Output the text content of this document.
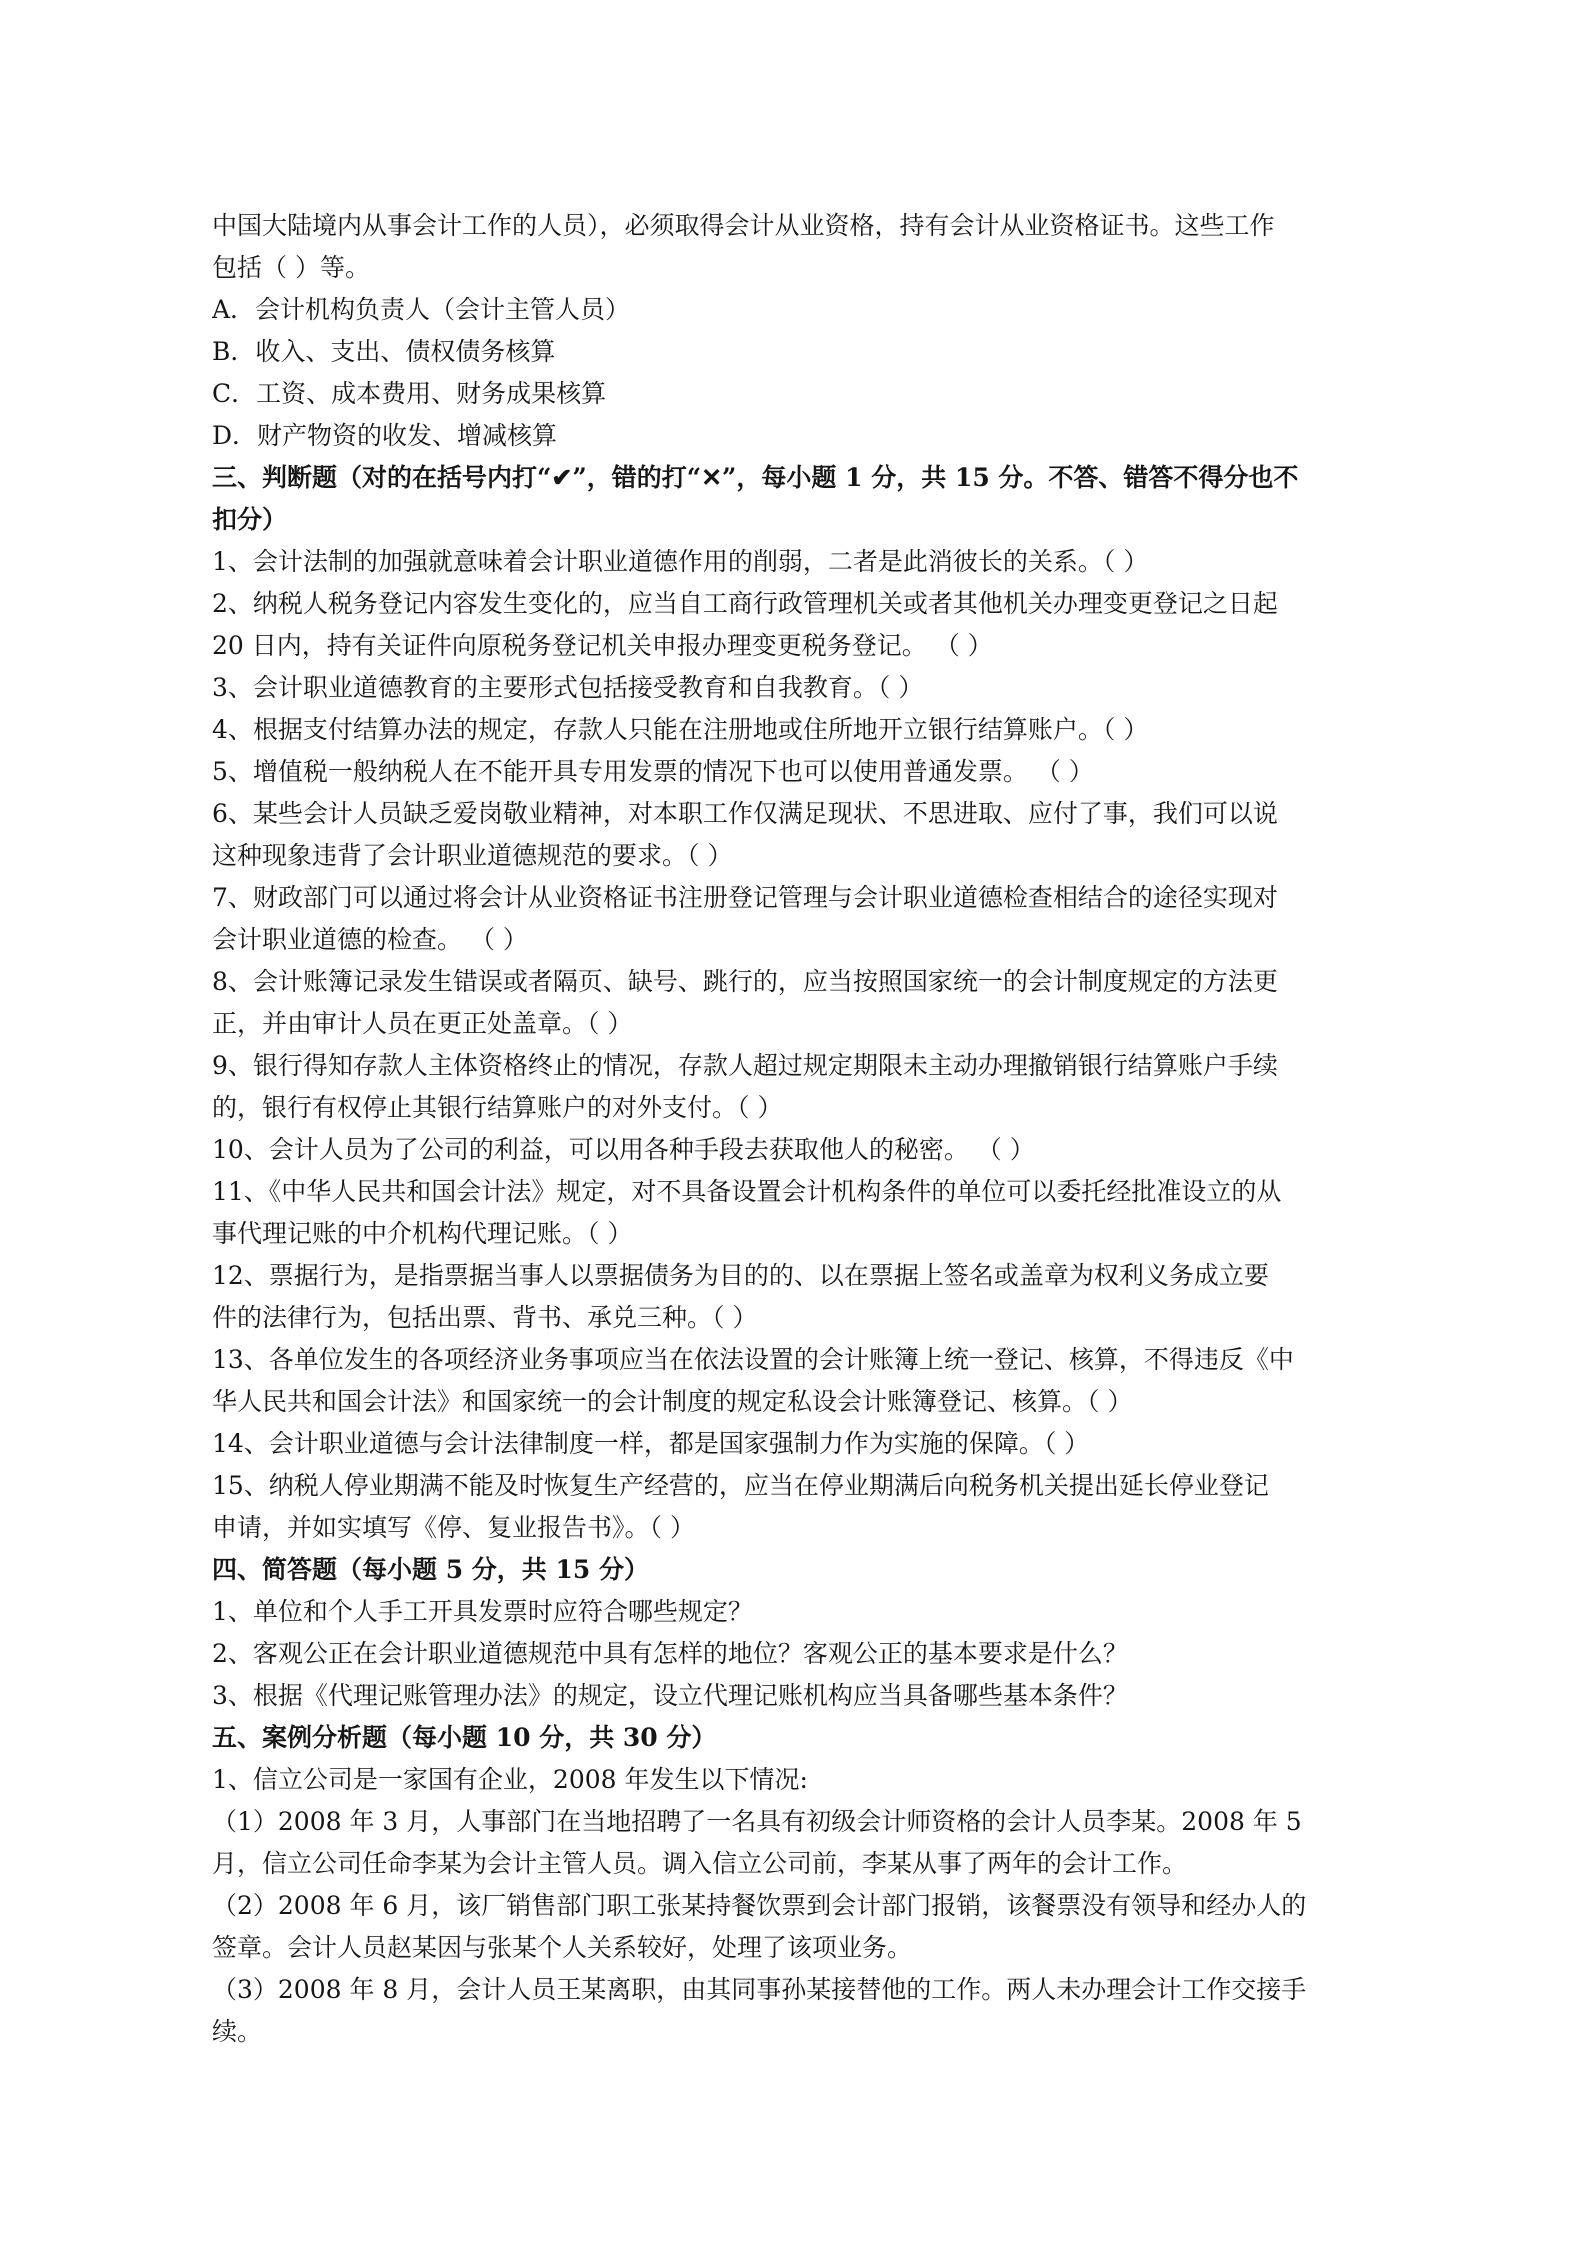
中国大陆境内从事会计工作的人员），必须取得会计从业资格，持有会计从业资格证书。这些工作

包括（ ）等。

A．会计机构负责人（会计主管人员）

B．收入、支出、债权债务核算

C．工资、成本费用、财务成果核算

D．财产物资的收发、增减核算

三、判断题（对的在括号内打“✔”，错的打“✕”，每小题 1 分，共 15 分。不答、错答不得分也不

扣分）

1、会计法制的加强就意味着会计职业道德作用的削弱，二者是此消彼长的关系。（ ）

2、纳税人税务登记内容发生变化的，应当自工商行政管理机关或者其他机关办理变更登记之日起

20 日内，持有关证件向原税务登记机关申报办理变更税务登记。 （ ）

3、会计职业道德教育的主要形式包括接受教育和自我教育。（ ）

4、根据支付结算办法的规定，存款人只能在注册地或住所地开立银行结算账户。（ ）

5、增值税一般纳税人在不能开具专用发票的情况下也可以使用普通发票。 （ ）

6、某些会计人员缺乏爱岗敬业精神，对本职工作仅满足现状、不思进取、应付了事，我们可以说

这种现象违背了会计职业道德规范的要求。（ ）

7、财政部门可以通过将会计从业资格证书注册登记管理与会计职业道德检查相结合的途径实现对

会计职业道德的检查。 （ ）

8、会计账簿记录发生错误或者隔页、缺号、跳行的，应当按照国家统一的会计制度规定的方法更

正，并由审计人员在更正处盖章。（ ）

9、银行得知存款人主体资格终止的情况，存款人超过规定期限未主动办理撤销银行结算账户手续

的，银行有权停止其银行结算账户的对外支付。（ ）

10、会计人员为了公司的利益，可以用各种手段去获取他人的秘密。 （ ）

11、《中华人民共和国会计法》规定，对不具备设置会计机构条件的单位可以委托经批准设立的从

事代理记账的中介机构代理记账。（ ）

12、票据行为，是指票据当事人以票据债务为目的的、以在票据上签名或盖章为权利义务成立要

件的法律行为，包括出票、背书、承兑三种。（ ）

13、各单位发生的各项经济业务事项应当在依法设置的会计账簿上统一登记、核算，不得违反《中

华人民共和国会计法》和国家统一的会计制度的规定私设会计账簿登记、核算。（ ）

14、会计职业道德与会计法律制度一样，都是国家强制力作为实施的保障。（ ）

15、纳税人停业期满不能及时恢复生产经营的，应当在停业期满后向税务机关提出延长停业登记

申请，并如实填写《停、复业报告书》。（ ）

四、简答题（每小题 5 分，共 15 分）

1、单位和个人手工开具发票时应符合哪些规定？

2、客观公正在会计职业道德规范中具有怎样的地位？客观公正的基本要求是什么？

3、根据《代理记账管理办法》的规定，设立代理记账机构应当具备哪些基本条件？

五、案例分析题（每小题 10 分，共 30 分）

1、信立公司是一家国有企业，2008 年发生以下情况:

（1）2008 年 3 月，人事部门在当地招聘了一名具有初级会计师资格的会计人员李某。2008 年 5

月，信立公司任命李某为会计主管人员。调入信立公司前，李某从事了两年的会计工作。

（2）2008 年 6 月，该厂销售部门职工张某持餐饮票到会计部门报销，该餐票没有领导和经办人的

签章。会计人员赵某因与张某个人关系较好，处理了该项业务。

（3）2008 年 8 月，会计人员王某离职，由其同事孙某接替他的工作。两人未办理会计工作交接手

续。
